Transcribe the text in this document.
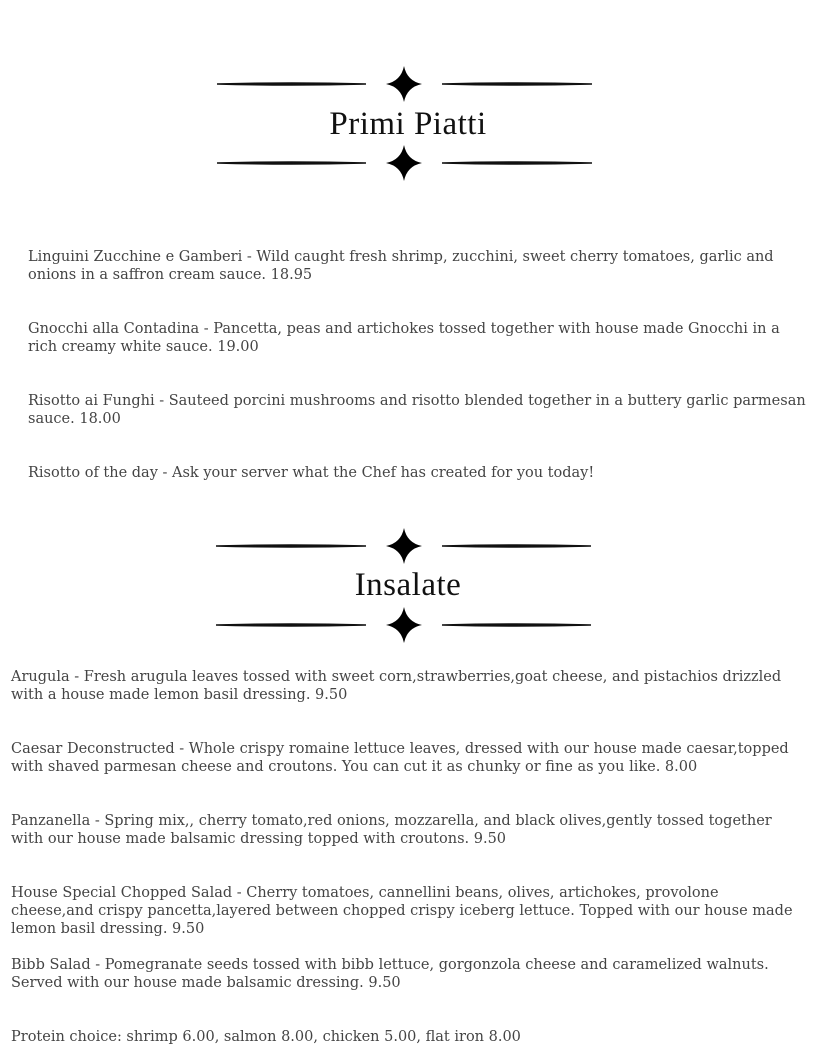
Primi Piatti

Linguini Zucchine e Gamberi - Wild caught fresh shrimp, zucchini, sweet cherry tomatoes, garlic and onions in a saffron cream sauce. 18.95

Gnocchi alla Contadina - Pancetta, peas and artichokes tossed together with house made Gnocchi in a rich creamy white sauce. 19.00

Risotto ai Funghi - Sauteed porcini mushrooms and risotto blended together in a buttery garlic parmesan sauce. 18.00

Risotto of the day - Ask your server what the Chef has created for you today!

Insalate

Arugula - Fresh arugula leaves tossed with sweet corn,strawberries,goat cheese, and pistachios drizzled with a house made lemon basil dressing. 9.50

Caesar Deconstructed - Whole crispy romaine lettuce leaves, dressed with our house made caesar,topped with shaved parmesan cheese and croutons. You can cut it as chunky or fine as you like. 8.00

Panzanella - Spring mix,, cherry tomato,red onions, mozzarella, and black olives,gently tossed together with our house made balsamic dressing topped with croutons. 9.50

House Special Chopped Salad - Cherry tomatoes, cannellini beans, olives, artichokes, provolone cheese,and crispy pancetta,layered between chopped crispy iceberg lettuce. Topped with our house made lemon basil dressing. 9.50

Bibb Salad - Pomegranate seeds tossed with bibb lettuce, gorgonzola cheese and caramelized walnuts. Served with our house made balsamic dressing. 9.50

Protein choice: shrimp 6.00, salmon 8.00, chicken 5.00, flat iron 8.00
